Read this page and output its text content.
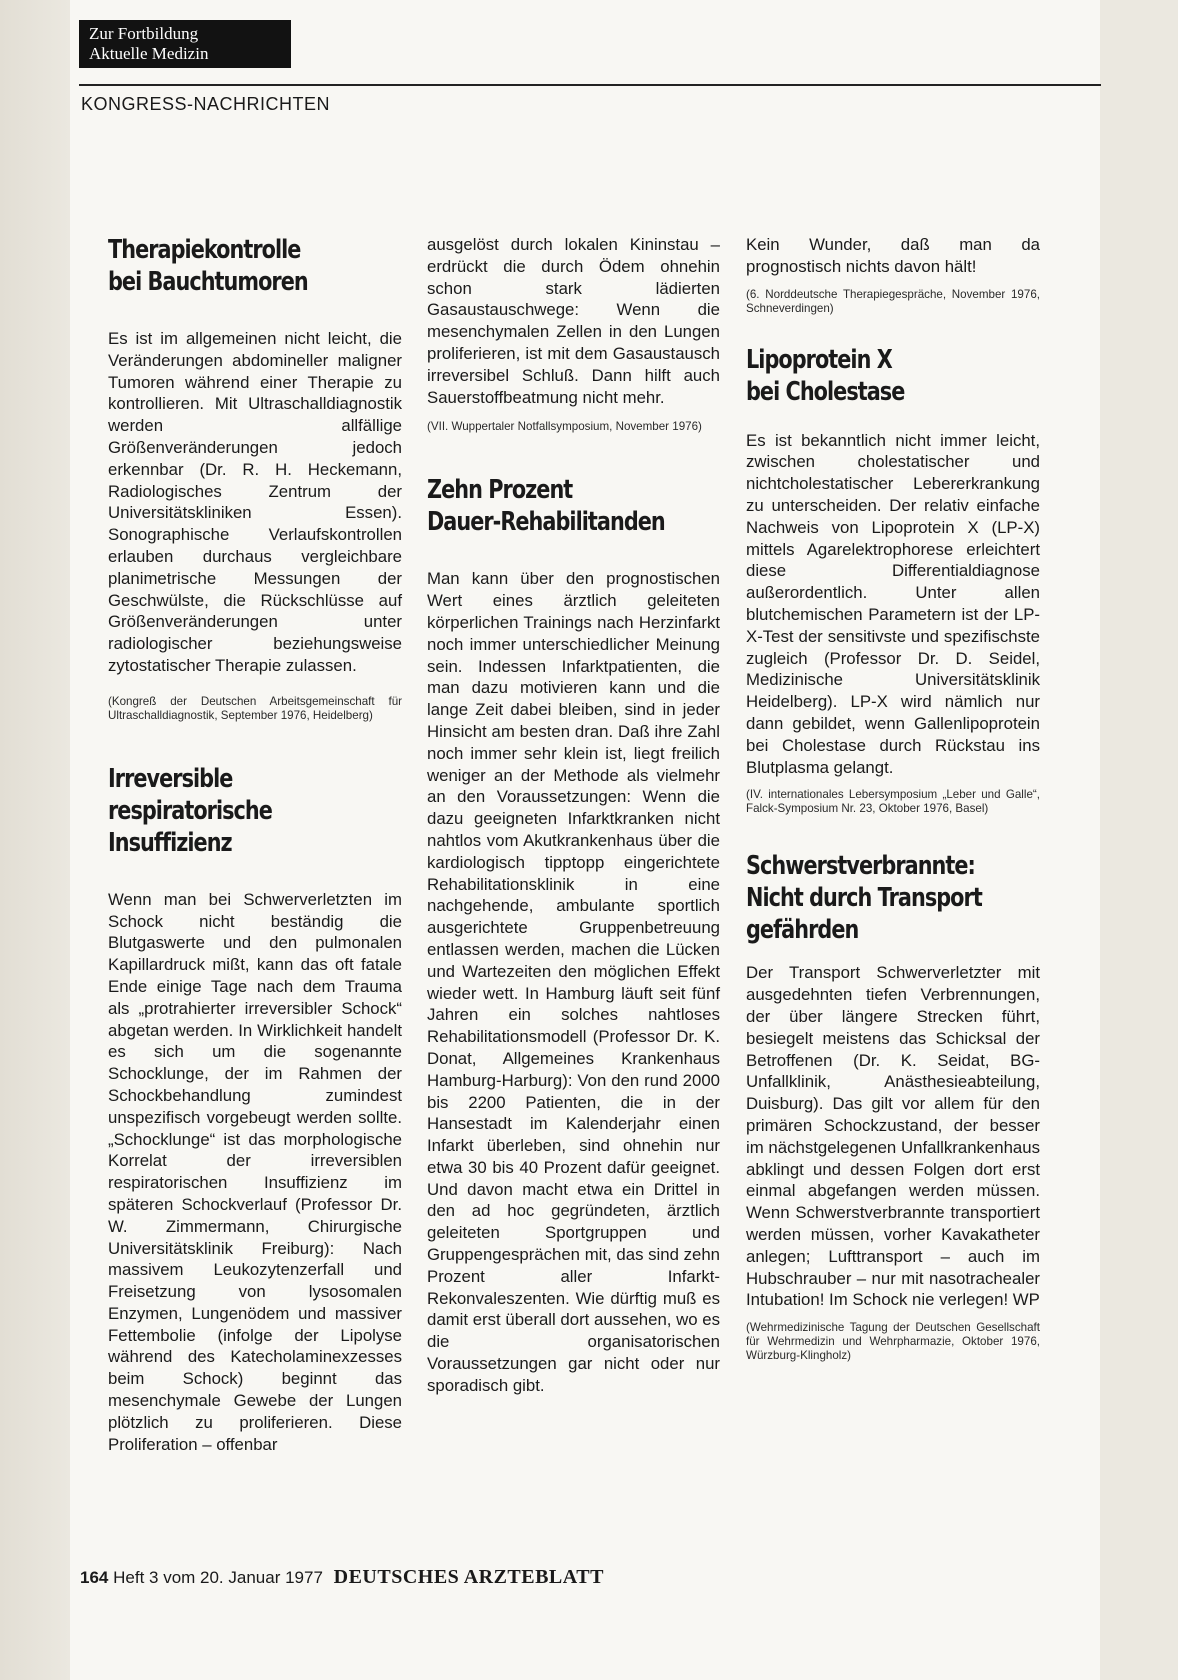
Zur Fortbildung
Aktuelle Medizin
KONGRESS-NACHRICHTEN
Therapiekontrolle
bei Bauchtumoren

Es ist im allgemeinen nicht leicht, die Veränderungen abdomineller maligner Tumoren während einer Therapie zu kontrollieren. Mit Ultraschalldiagnostik werden allfällige Größenveränderungen jedoch erkennbar (Dr. R. H. Heckemann, Radiologisches Zentrum der Universitätskliniken Essen). Sonographische Verlaufskontrollen erlauben durchaus vergleichbare planimetrische Messungen der Geschwülste, die Rückschlüsse auf Größenveränderungen unter radiologischer beziehungsweise zytostatischer Therapie zulassen.

(Kongreß der Deutschen Arbeitsgemeinschaft für Ultraschalldiagnostik, September 1976, Heidelberg)

Irreversible
respiratorische
Insuffizienz

Wenn man bei Schwerverletzten im Schock nicht beständig die Blutgaswerte und den pulmonalen Kapillardruck mißt, kann das oft fatale Ende einige Tage nach dem Trauma als „protrahierter irreversibler Schock“ abgetan werden. In Wirklichkeit handelt es sich um die sogenannte Schocklunge, der im Rahmen der Schockbehandlung zumindest unspezifisch vorgebeugt werden sollte. „Schocklunge“ ist das morphologische Korrelat der irreversiblen respiratorischen Insuffizienz im späteren Schockverlauf (Professor Dr. W. Zimmermann, Chirurgische Universitätsklinik Freiburg): Nach massivem Leukozytenzerfall und Freisetzung von lysosomalen Enzymen, Lungenödem und massiver Fettembolie (infolge der Lipolyse während des Katecholaminexzesses beim Schock) beginnt das mesenchymale Gewebe der Lungen plötzlich zu proliferieren. Diese Proliferation – offenbar

ausgelöst durch lokalen Kininstau – erdrückt die durch Ödem ohnehin schon stark lädierten Gasaustauschwege: Wenn die mesenchymalen Zellen in den Lungen proliferieren, ist mit dem Gasaustausch irreversibel Schluß. Dann hilft auch Sauerstoffbeatmung nicht mehr.

(VII. Wuppertaler Notfallsymposium, November 1976)

Zehn Prozent
Dauer-Rehabilitanden

Man kann über den prognostischen Wert eines ärztlich geleiteten körperlichen Trainings nach Herzinfarkt noch immer unterschiedlicher Meinung sein. Indessen Infarktpatienten, die man dazu motivieren kann und die lange Zeit dabei bleiben, sind in jeder Hinsicht am besten dran. Daß ihre Zahl noch immer sehr klein ist, liegt freilich weniger an der Methode als vielmehr an den Voraussetzungen: Wenn die dazu geeigneten Infarktkranken nicht nahtlos vom Akutkrankenhaus über die kardiologisch tipptopp eingerichtete Rehabilitationsklinik in eine nachgehende, ambulante sportlich ausgerichtete Gruppenbetreuung entlassen werden, machen die Lücken und Wartezeiten den möglichen Effekt wieder wett. In Hamburg läuft seit fünf Jahren ein solches nahtloses Rehabilitationsmodell (Professor Dr. K. Donat, Allgemeines Krankenhaus Hamburg-Harburg): Von den rund 2000 bis 2200 Patienten, die in der Hansestadt im Kalenderjahr einen Infarkt überleben, sind ohnehin nur etwa 30 bis 40 Prozent dafür geeignet. Und davon macht etwa ein Drittel in den ad hoc gegründeten, ärztlich geleiteten Sportgruppen und Gruppengesprächen mit, das sind zehn Prozent aller Infarkt-Rekonvaleszenten. Wie dürftig muß es damit erst überall dort aussehen, wo es die organisatorischen Voraussetzungen gar nicht oder nur sporadisch gibt.

Kein Wunder, daß man da prognostisch nichts davon hält!

(6. Norddeutsche Therapiegespräche, November 1976, Schneverdingen)

Lipoprotein X
bei Cholestase

Es ist bekanntlich nicht immer leicht, zwischen cholestatischer und nichtcholestatischer Lebererkrankung zu unterscheiden. Der relativ einfache Nachweis von Lipoprotein X (LP-X) mittels Agarelektrophorese erleichtert diese Differentialdiagnose außerordentlich. Unter allen blutchemischen Parametern ist der LP-X-Test der sensitivste und spezifischste zugleich (Professor Dr. D. Seidel, Medizinische Universitätsklinik Heidelberg). LP-X wird nämlich nur dann gebildet, wenn Gallenlipoprotein bei Cholestase durch Rückstau ins Blutplasma gelangt.

(IV. internationales Lebersymposium „Leber und Galle“, Falck-Symposium Nr. 23, Oktober 1976, Basel)

Schwerstverbrannte:
Nicht durch Transport
gefährden

Der Transport Schwerverletzter mit ausgedehnten tiefen Verbrennungen, der über längere Strecken führt, besiegelt meistens das Schicksal der Betroffenen (Dr. K. Seidat, BG-Unfallklinik, Anästhesieabteilung, Duisburg). Das gilt vor allem für den primären Schockzustand, der besser im nächstgelegenen Unfallkrankenhaus abklingt und dessen Folgen dort erst einmal abgefangen werden müssen. Wenn Schwerstverbrannte transportiert werden müssen, vorher Kavakatheter anlegen; Lufttransport – auch im Hubschrauber – nur mit nasotrachealer Intubation! Im Schock nie verlegen! WP

(Wehrmedizinische Tagung der Deutschen Gesellschaft für Wehrmedizin und Wehrpharmazie, Oktober 1976, Würzburg-Klingholz)

164 Heft 3 vom 20. Januar 1977 DEUTSCHES ARZTEBLATT
